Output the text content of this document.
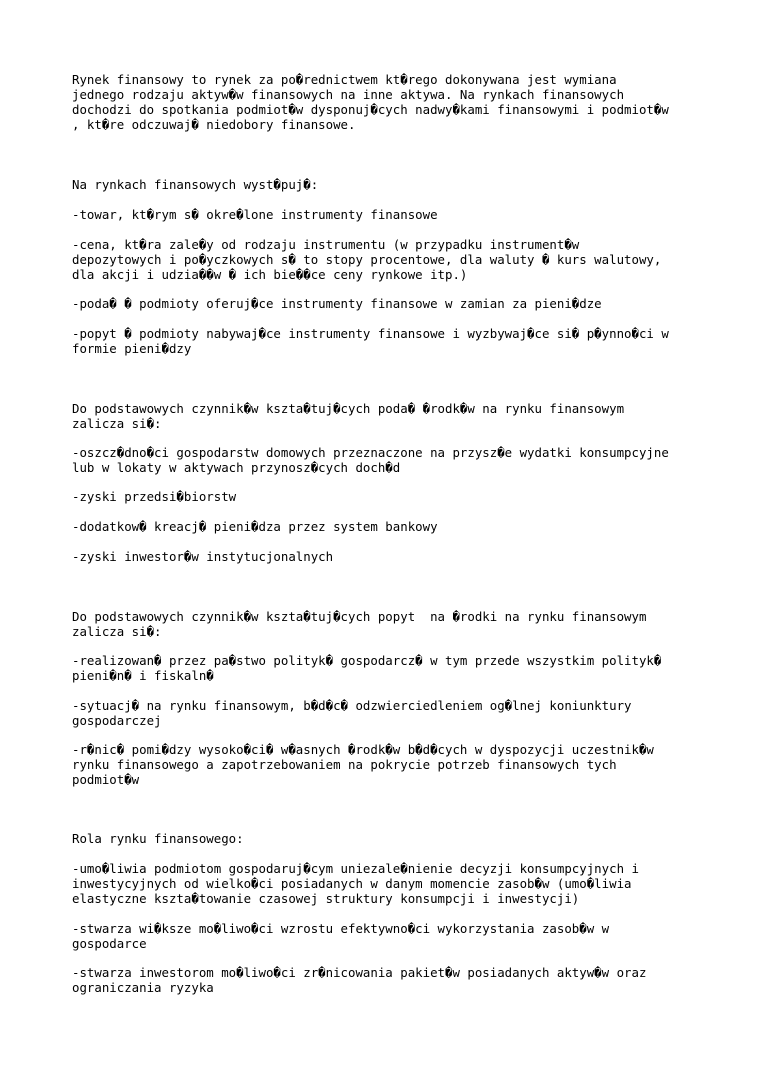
Rynek finansowy to rynek za po�rednictwem kt�rego dokonywana jest wymiana
jednego rodzaju aktyw�w finansowych na inne aktywa. Na rynkach finansowych
dochodzi do spotkania podmiot�w dysponuj�cych nadwy�kami finansowymi i podmiot�w
, kt�re odczuwaj� niedobory finansowe.

Na rynkach finansowych wyst�puj�:

-towar, kt�rym s� okre�lone instrumenty finansowe

-cena, kt�ra zale�y od rodzaju instrumentu (w przypadku instrument�w
depozytowych i po�yczkowych s� to stopy procentowe, dla waluty � kurs walutowy,
dla akcji i udzia��w � ich bie��ce ceny rynkowe itp.)

-poda� � podmioty oferuj�ce instrumenty finansowe w zamian za pieni�dze

-popyt � podmioty nabywaj�ce instrumenty finansowe i wyzbywaj�ce si� p�ynno�ci w
formie pieni�dzy

Do podstawowych czynnik�w kszta�tuj�cych poda� �rodk�w na rynku finansowym
zalicza si�:

-oszcz�dno�ci gospodarstw domowych przeznaczone na przysz�e wydatki konsumpcyjne
lub w lokaty w aktywach przynosz�cych doch�d

-zyski przedsi�biorstw

-dodatkow� kreacj� pieni�dza przez system bankowy

-zyski inwestor�w instytucjonalnych

Do podstawowych czynnik�w kszta�tuj�cych popyt  na �rodki na rynku finansowym
zalicza si�:

-realizowan� przez pa�stwo polityk� gospodarcz� w tym przede wszystkim polityk�
pieni�n� i fiskaln�

-sytuacj� na rynku finansowym, b�d�c� odzwierciedleniem og�lnej koniunktury
gospodarczej

-r�nic� pomi�dzy wysoko�ci� w�asnych �rodk�w b�d�cych w dyspozycji uczestnik�w
rynku finansowego a zapotrzebowaniem na pokrycie potrzeb finansowych tych
podmiot�w

Rola rynku finansowego:

-umo�liwia podmiotom gospodaruj�cym uniezale�nienie decyzji konsumpcyjnych i
inwestycyjnych od wielko�ci posiadanych w danym momencie zasob�w (umo�liwia
elastyczne kszta�towanie czasowej struktury konsumpcji i inwestycji)

-stwarza wi�ksze mo�liwo�ci wzrostu efektywno�ci wykorzystania zasob�w w
gospodarce

-stwarza inwestorom mo�liwo�ci zr�nicowania pakiet�w posiadanych aktyw�w oraz
ograniczania ryzyka
